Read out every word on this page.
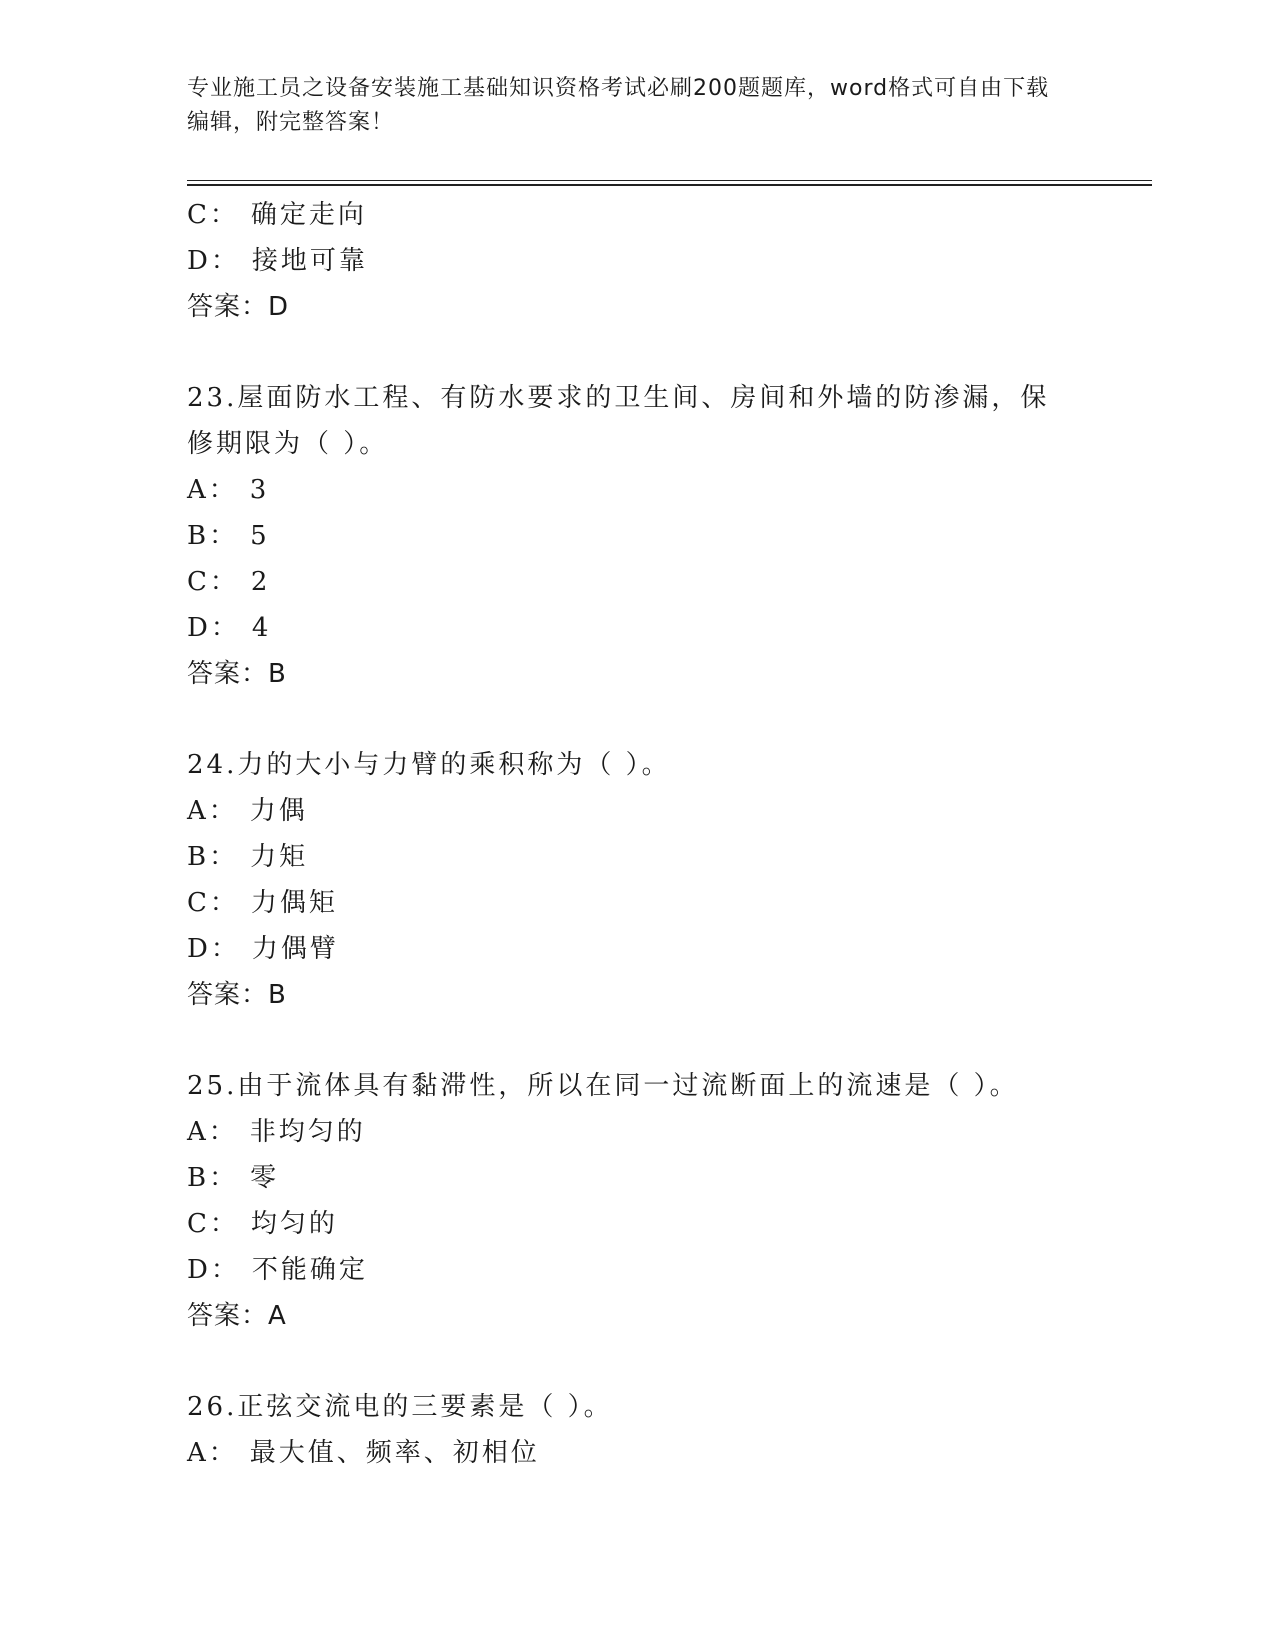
专业施工员之设备安装施工基础知识资格考试必刷200题题库，word格式可自由下载编辑，附完整答案！

C： 确定走向
D： 接地可靠
答案：D
23.屋面防水工程、有防水要求的卫生间、房间和外墙的防渗漏，保修期限为（ ）。
A： 3
B： 5
C： 2
D： 4
答案：B
24.力的大小与力臂的乘积称为（ ）。
A： 力偶
B： 力矩
C： 力偶矩
D： 力偶臂
答案：B
25.由于流体具有黏滞性，所以在同一过流断面上的流速是（ ）。
A： 非均匀的
B： 零
C： 均匀的
D： 不能确定
答案：A
26.正弦交流电的三要素是（ ）。
A： 最大值、频率、初相位
